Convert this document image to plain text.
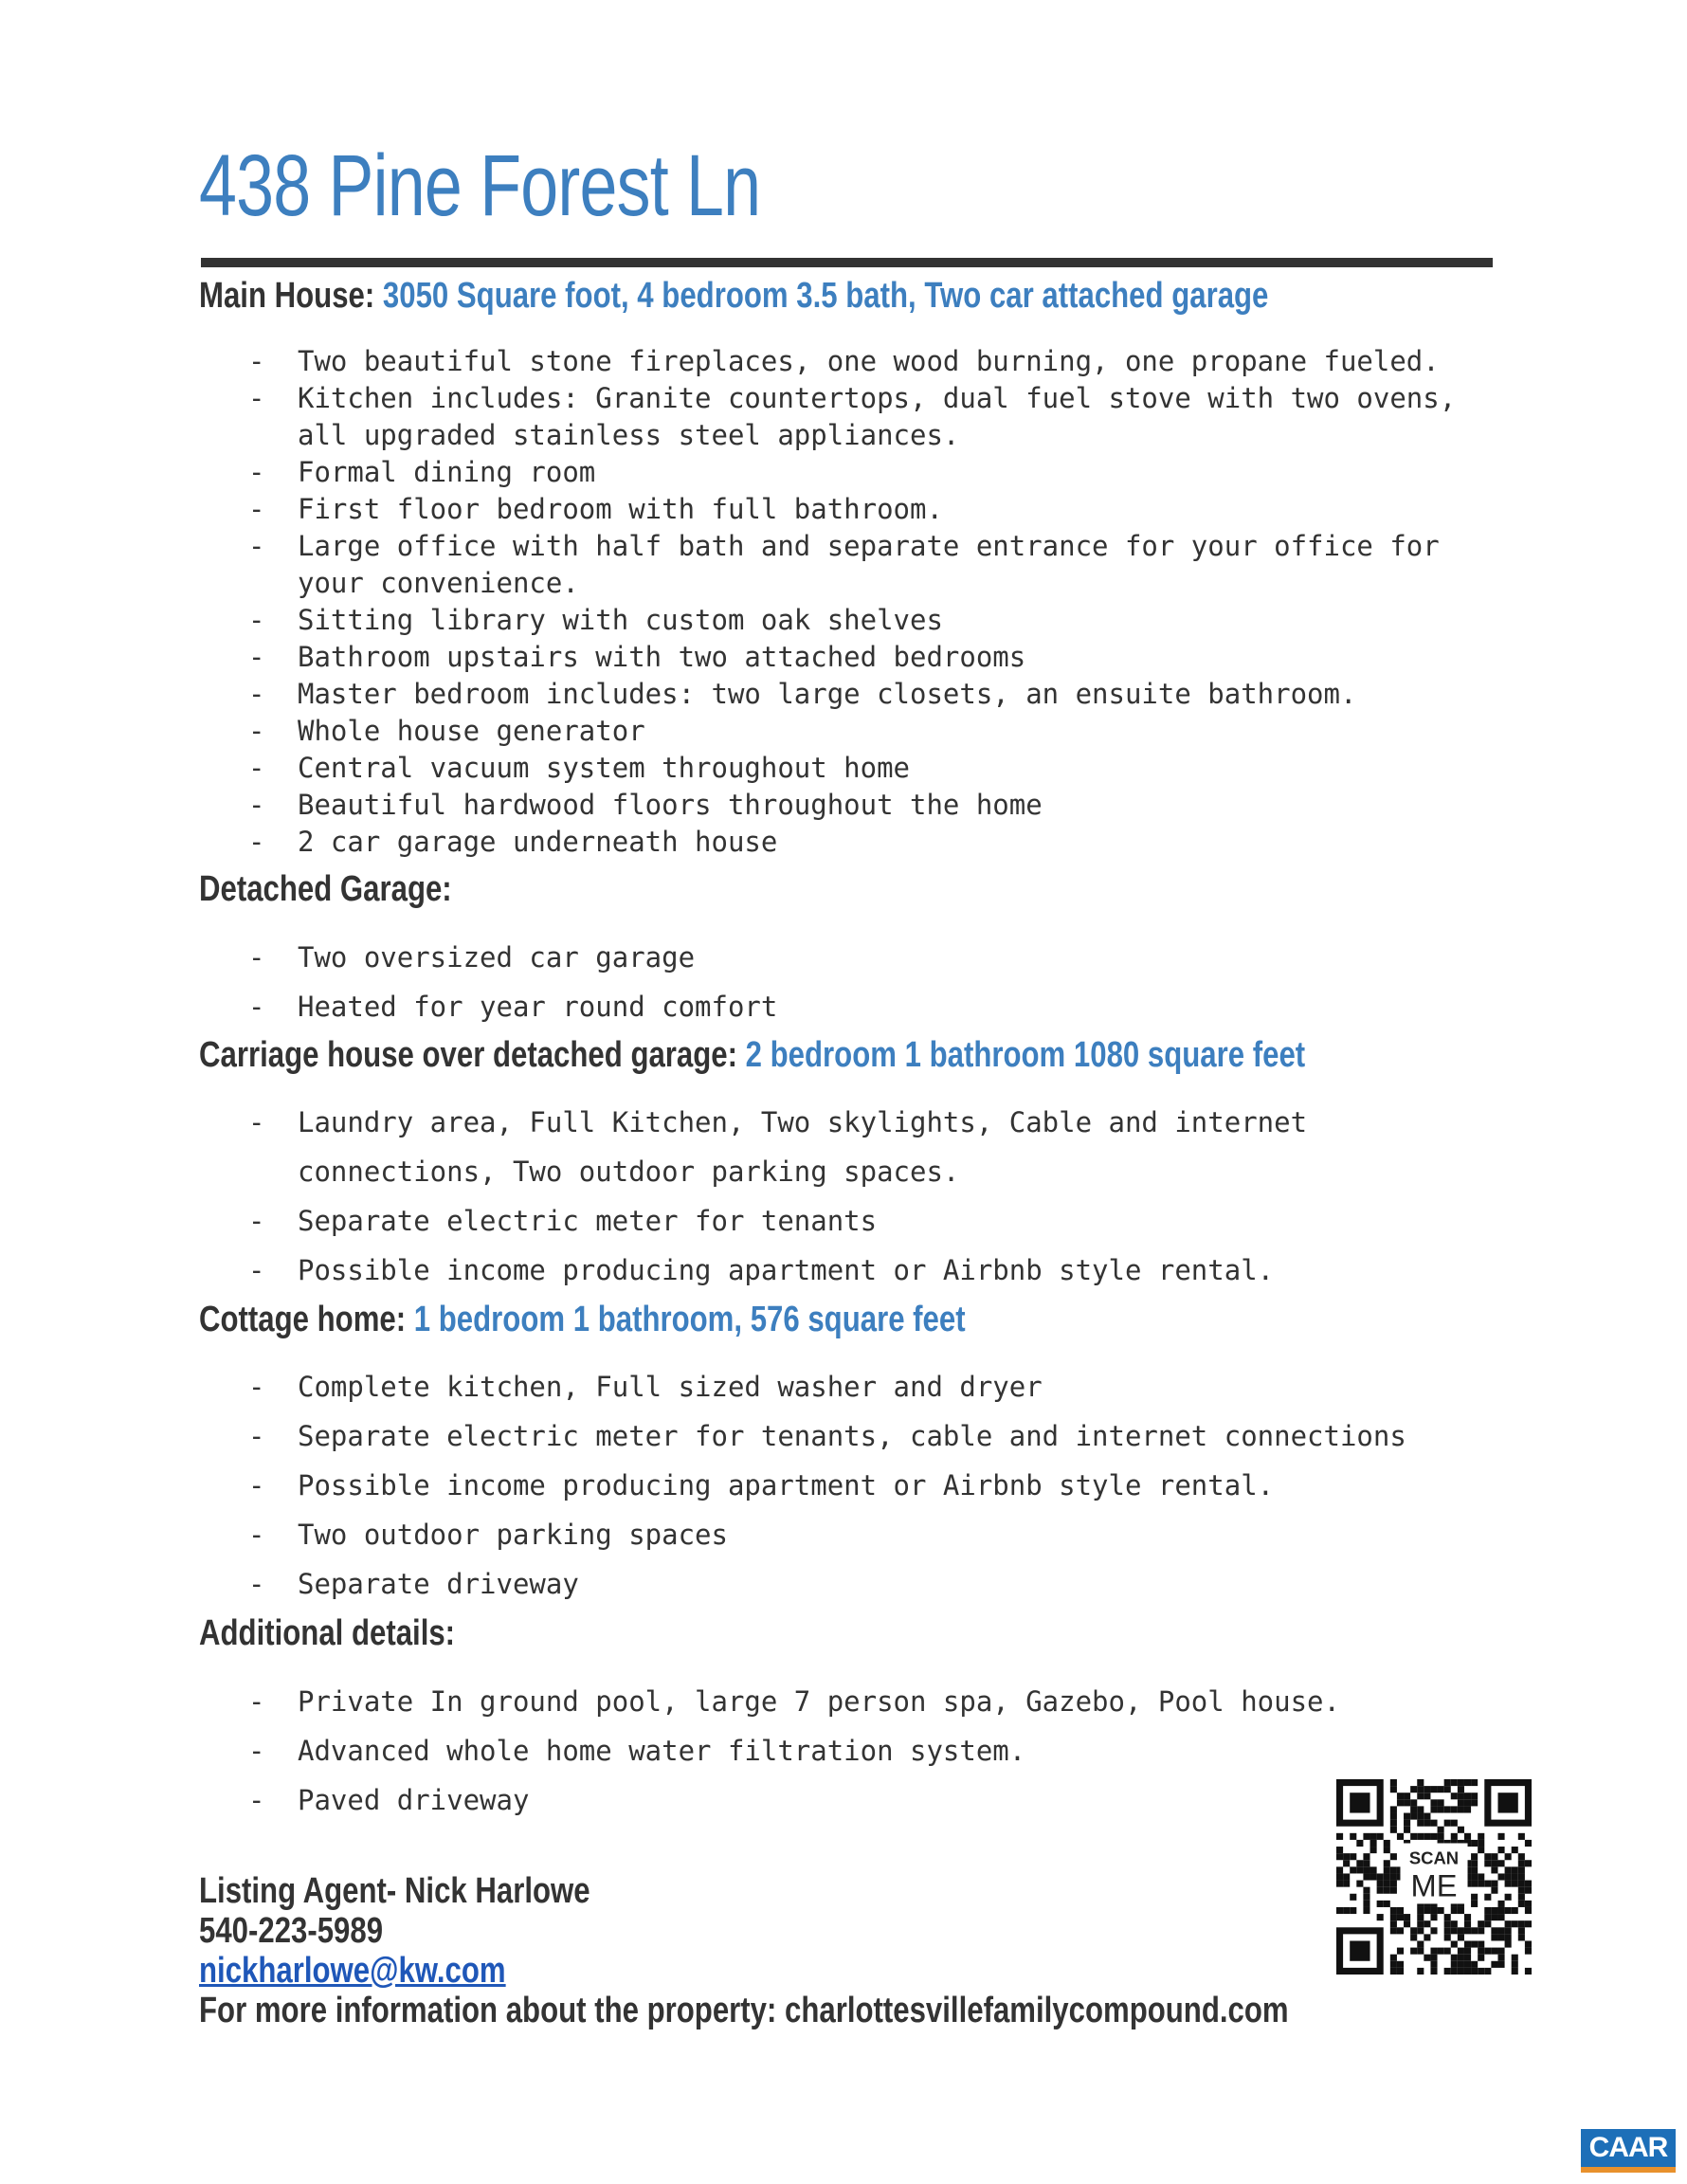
438 Pine Forest Ln
Main House: 3050 Square foot, 4 bedroom 3.5 bath, Two car attached garage
- Two beautiful stone fireplaces, one wood burning, one propane fueled.
- Kitchen includes: Granite countertops, dual fuel stove with two ovens, all upgraded stainless steel appliances.
- Formal dining room
- First floor bedroom with full bathroom.
- Large office with half bath and separate entrance for your office for your convenience.
- Sitting library with custom oak shelves
- Bathroom upstairs with two attached bedrooms
- Master bedroom includes: two large closets, an ensuite bathroom.
- Whole house generator
- Central vacuum system throughout home
- Beautiful hardwood floors throughout the home
- 2 car garage underneath house
Detached Garage:
- Two oversized car garage
- Heated for year round comfort
Carriage house over detached garage: 2 bedroom 1 bathroom 1080 square feet
- Laundry area, Full Kitchen, Two skylights, Cable and internet connections, Two outdoor parking spaces.
- Separate electric meter for tenants
- Possible income producing apartment or Airbnb style rental.
Cottage home: 1 bedroom 1 bathroom, 576 square feet
- Complete kitchen, Full sized washer and dryer
- Separate electric meter for tenants, cable and internet connections
- Possible income producing apartment or Airbnb style rental.
- Two outdoor parking spaces
- Separate driveway
Additional details:
- Private In ground pool, large 7 person spa, Gazebo, Pool house.
- Advanced whole home water filtration system.
- Paved driveway
Listing Agent- Nick Harlowe
540-223-5989
nickharlowe@kw.com
For more information about the property: charlottesvillefamilycompound.com
SCAN
ME
CAAR
